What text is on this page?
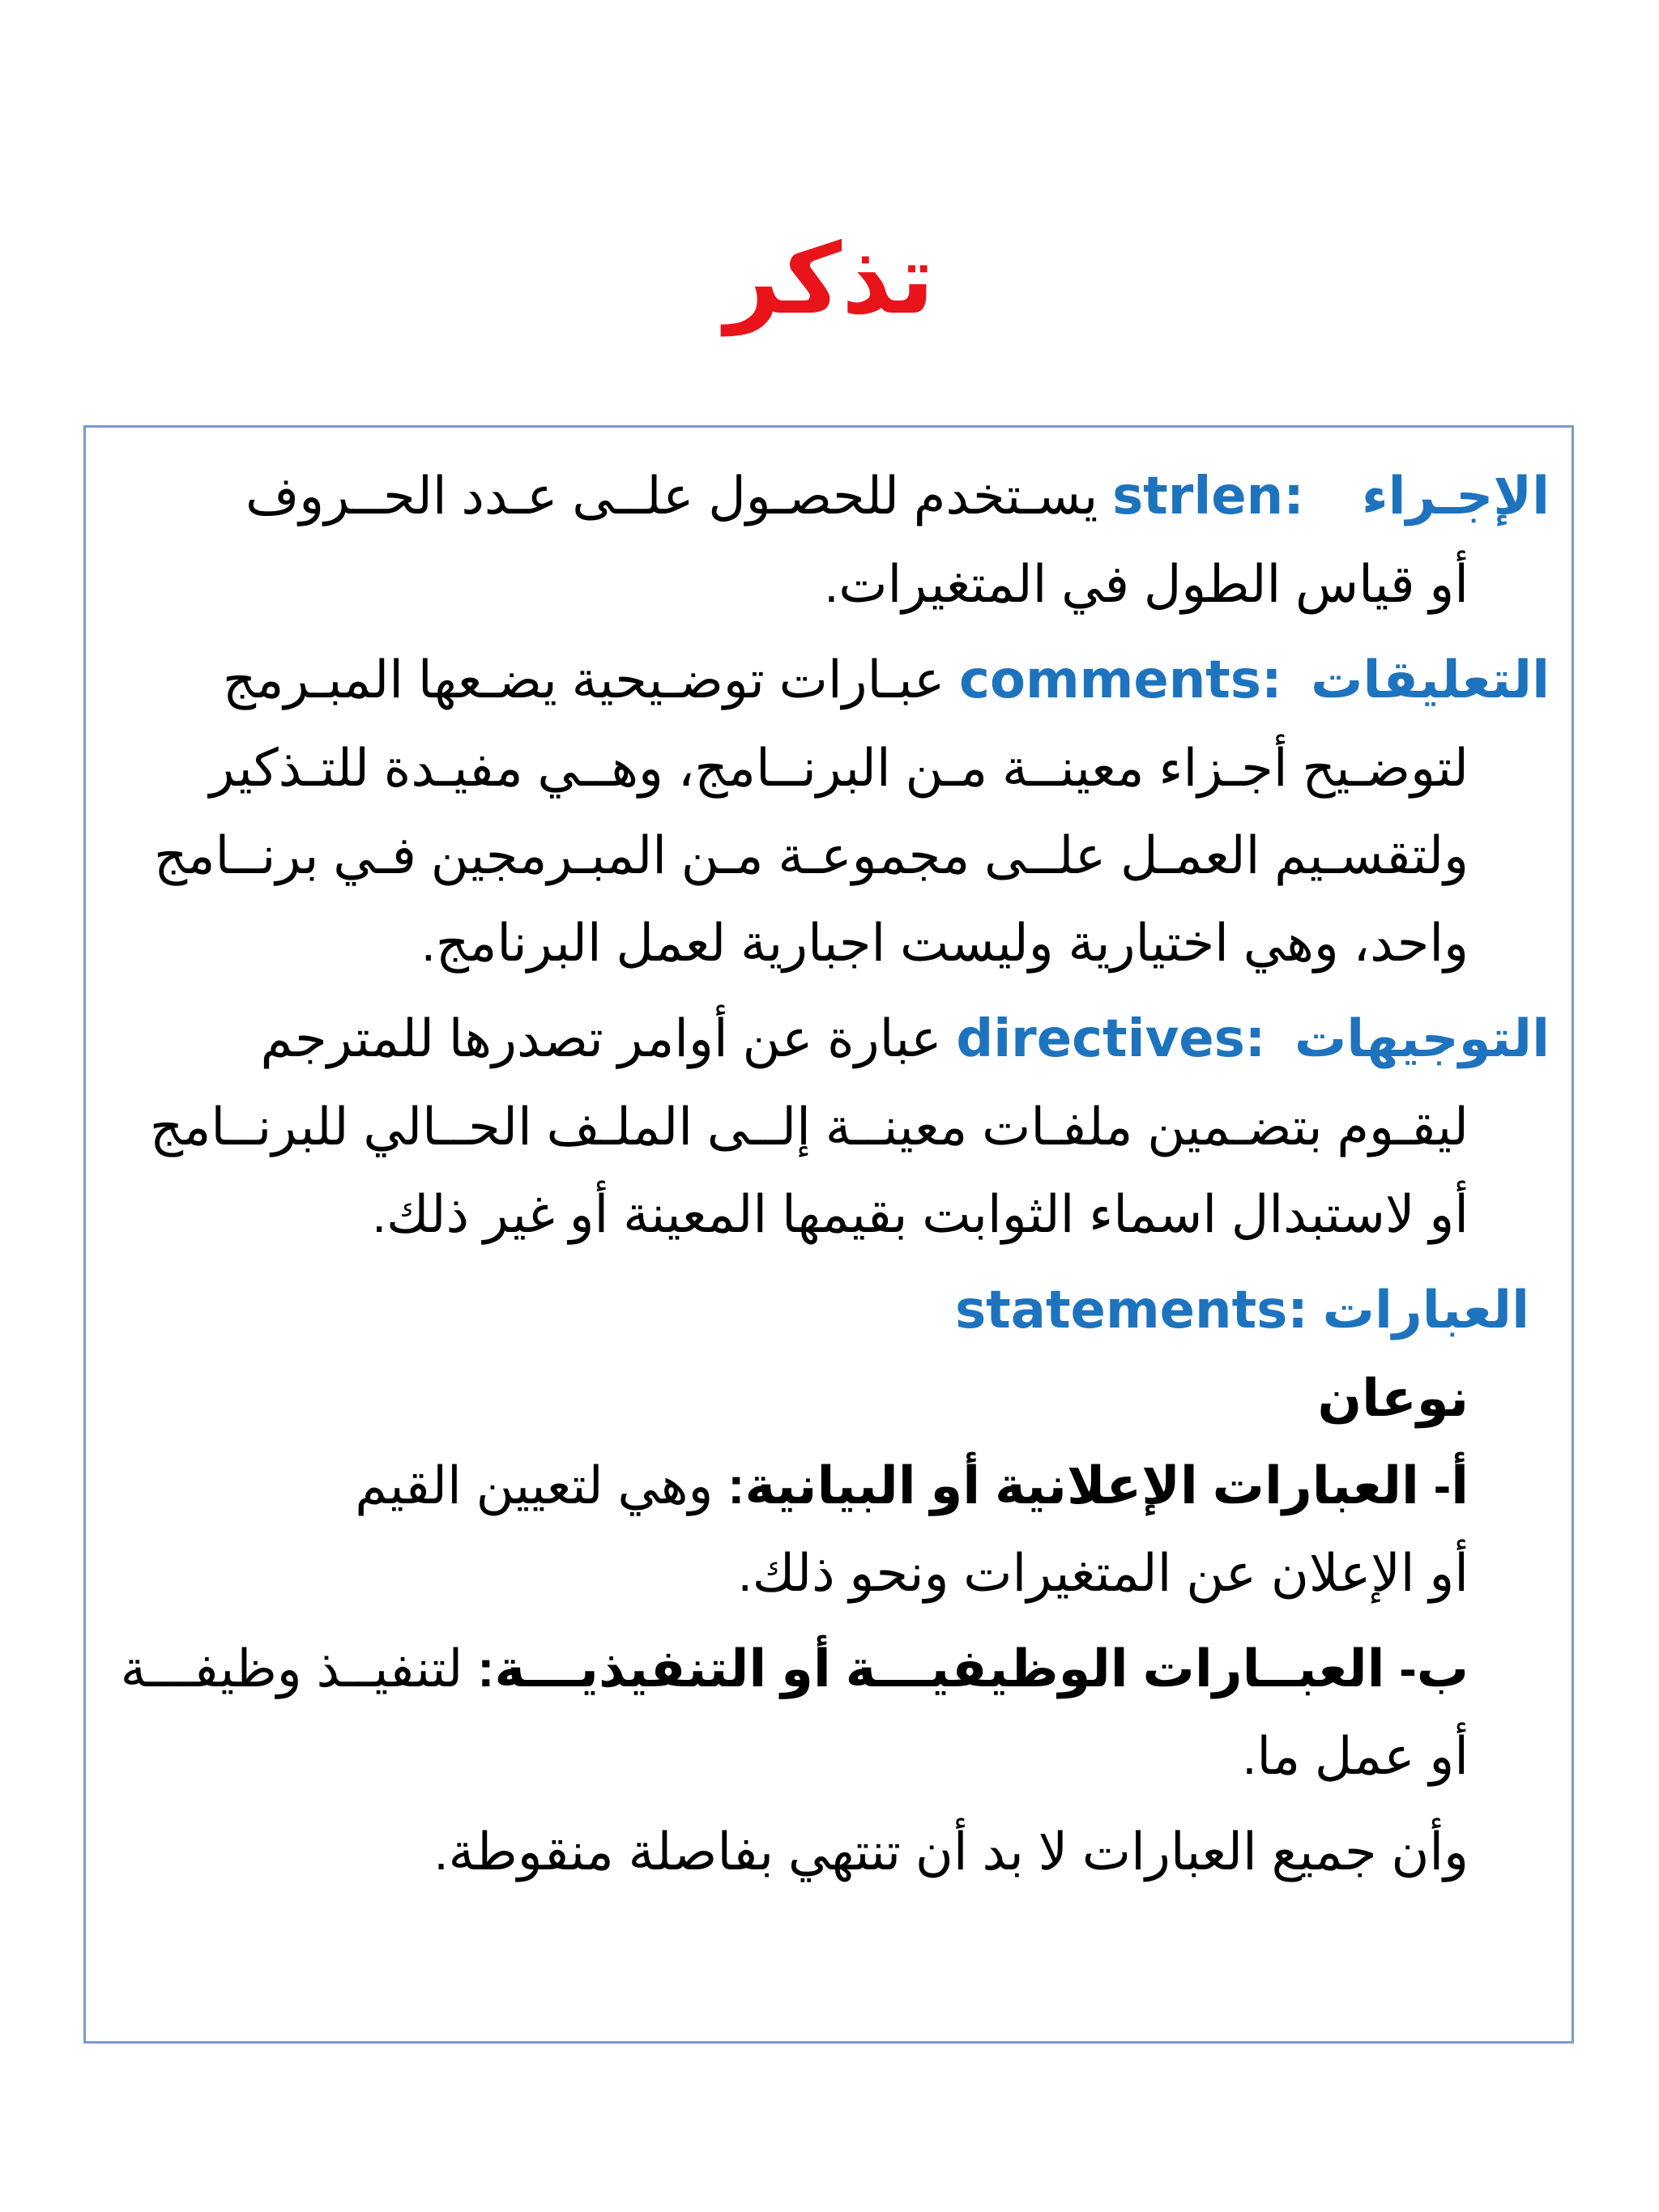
تذكر
الإجـراء    strlen: يسـتخدم للحصـول علــى عـدد الحــروف
أو قياس الطول في المتغيرات.
التعليقات  comments: عبـارات توضـيحية يضـعها المبـرمج
لتوضـيح أجـزاء معينــة مـن البرنــامج، وهــي مفيـدة للتـذكير
ولتقسـيم العمـل علــى مجموعـة مـن المبـرمجين فـي برنــامج
واحد، وهي اختيارية وليست اجبارية لعمل البرنامج.
التوجيهات  directives: عبارة عن أوامر تصدرها للمترجم
ليقـوم بتضـمين ملفـات معينــة إلــى الملـف الحــالي للبرنــامج
أو لاستبدال اسماء الثوابت بقيمها المعينة أو غير ذلك.
العبارات statements:
نوعان
أ- العبارات الإعلانية أو البيانية: وهي لتعيين القيم
أو الإعلان عن المتغيرات ونحو ذلك.
ب- العبــارات الوظيفيـــة أو التنفيذيـــة: لتنفيــذ وظيفـــة
أو عمل ما.
وأن جميع العبارات لا بد أن تنتهي بفاصلة منقوطة.
